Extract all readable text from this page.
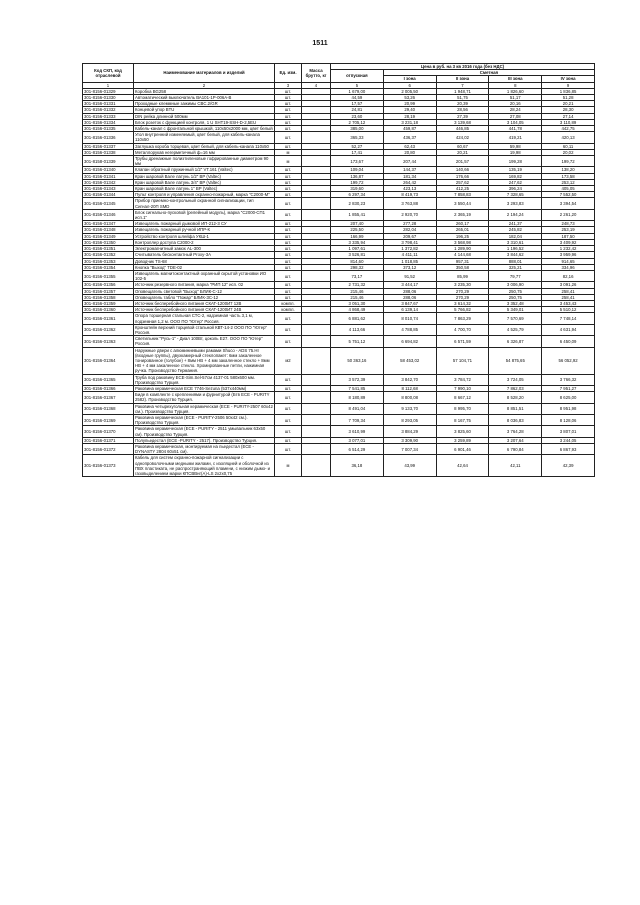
1511
Код СКП, код отраслевой	Наименование материалов и изделий	Ед. изм.	Масса брутто, кг	Цена в руб. на 3 кв 2016 года (без НДС)				
				отпускная	Сметная			
					I зона	II зона	III зона	IV зона
1	2	3	4	5	6	7	8	9
301-8156-01329	Коробка BG258	шт.		1 679,00	2 005,50	1 948,71	1 826,60	1 836,85
301-8156-01330	Автоматический выключатель ВА101-1Р-006А-В	шт.		44,59	53,26	51,75	51,17	51,28
301-8156-01331	Проходные клеммные зажимы CBC.2/GR	шт.		17,57	20,99	20,39	20,16	20,21
301-8156-01332	Концевой упор BTU	шт.		24,81	29,40	28,56	28,24	28,30
301-8156-01333	DIN рейка длинной 500мм	шт.		23,60	28,19	27,39	27,08	27,14
301-8156-01334	Блок розеток с функцией контроля, 1 U SHT19-SSH-D-2,5EU	шт.		2 705,12	3 231,18	3 139,68	3 104,05	3 110,89
301-8156-01335	Кабель-канал с фронтальной крышкой, 110х50х2000 мм, цвет белый	шт.		385,00	459,87	446,85	441,78	442,75
301-8156-01336	Угол внутренний изменяемый, цвет белый, для кабель-канала 110х50	шт.		365,33	436,37	424,02	419,21	420,13
301-8156-01337	Заглушка короба торцевая, цвет белый, для кабель-канала 110х50	шт.		52,27	62,43	60,67	59,98	60,11
301-8156-01338	Металлорукав негерметичный ф=16 мм	м		17,41	20,80	20,21	19,98	20,02
301-8158-01339	Трубы дренажные полиэтиленовые гофрированные диаметром 90 мм	м		173,67	207,44	201,57	199,28	199,72
301-8156-01340	Клапан обратный пружинный 1/2" VT.161 (Valtec)	шт.		109,04	144,37	140,66	135,19	138,20
301-8156-01341	Кран шаровой Вале латунь 1/2" ВР (Valtec)	шт.		136,87	181,34	176,66	169,82	173,58
301-8156-01342	Кран шаровой Вале латунь 3/4" ВР (Valtec)	шт.		199,72	264,42	257,62	247,62	253,12
301-8156-01343	Кран шаровой Вале латунь 1" ВР (Valtec)	шт.		319,60	423,13	412,25	396,24	405,05
301-8156-01344	Пульт контроля и управления охранно-пожарный, марка "С2000-М"	шт.		6 297,34	8 419,73	7 858,83	7 328,65	7 552,50
301-8156-01345	Прибор приемно-контрольный охранной сигнализации, тип Сигнал-20П SMD	шт.		2 830,23	3 763,88	3 550,44	3 293,83	3 394,54
301-8156-01346	Блок сигнально-пусковой (релейный модуль), марка "С2000-СП1 исп.1"	шт.		1 855,41	2 920,70	2 365,19	2 194,24	2 261,20
301-8156-01347	Извещатель пожарный дымовой ИП-212-3 СУ	шт.		207,40	277,28	260,17	241,37	248,73
301-8156-01348	Извещатель пожарный ручной ИПР-К	шт.		225,50	282,04	265,01	245,82	253,19
301-8156-01349	Устройство контроля шлейфа УКШ-1	шт.		166,99	209,67	196,25	182,04	187,50
301-8156-01350	Контроллер доступа С2000-2	шт.		3 335,94	3 798,41	3 568,98	3 310,61	3 409,92
301-8156-01351	Электромагнитный замок AL-300	шт.		1 097,61	1 372,82	1 289,90	1 196,52	1 232,42
301-8156-01352	Считыватель бесконтактный Proxy-3A	шт.		3 526,81	4 411,11	4 144,68	3 844,62	3 959,96
301-8156-01353	Доводчик TS-68	шт.		814,60	1 018,85	957,31	888,01	914,65
301-8156-01354	Кнопка "Выход" TDE-02	шт.		298,32	373,12	350,58	325,21	334,96
301-8156-01355	Извещатель магнитоконтактный охранный скрытой установки ИО 102-5	шт.		73,17	91,52	85,99	79,77	82,16
301-8156-01356	Источник резервного питания, марка "РИП 12" исп. 02	шт.		2 731,32	3 444,17	3 235,30	3 006,90	3 091,26
301-8156-01357	Оповещатель световой "Выход" БЛИК-С-12	шт.		215,46	288,06	270,29	250,75	258,41
301-8156-01358	Оповещатель табло "Пожар" БЛИК-ЗС-12	шт.		215,46	288,06	270,29	250,75	258,41
301-8156-01359	Источник бесперебойного питания СКАТ-1200И7 12В	компл.		3 051,30	3 847,67	3 614,32	3 352,48	3 453,43
301-8156-01360	Источник бесперебойного питания СКАТ-1200И7 24В	компл.		4 868,49	6 139,14	5 766,82	5 349,01	5 510,12
301-8156-01361	Опора торшерная стальная СТС-2, надземная часть 3,1 м, подземная 1,2 м. ООО ПО "Ютер" Россия.	шт.		6 881,62	8 010,74	7 863,29	7 570,69	7 748,14
301-8156-01362	Кронштейн верхний торцевой стальной КВТ-14-2 ООО ПО "Ютер" Россия.	шт.		4 113,66	4 788,85	4 700,70	4 525,79	4 631,94
301-8156-01363	Светильник "Русь-1" - Диал 100Вт, цоколь E27. ООО ПО "Ютер" Россия.	шт.		5 751,12	6 694,82	6 571,59	6 326,87	6 450,09
301-8156-01364	Наружные двери с алюминиевыми рамами Shuco - ADS 75.HI (входные группы), двухкамерный стеклопакет: 6мм закаленное тонированное (голубое) + 8мм НВ + 4 мм закаленное стекло + 8мм НВ + 4 мм закаленное стекло. Хромированные петли, нажимная ручка. Производство Германия.	м2		50 363,16	58 453,02	57 104,71	54 875,65	56 052,92
301-8156-01365	Труба под раковину ECE-Sim.Sel-57см 4137-01 580х600 мм. Производство Турция.	шт.		3 572,39	3 842,70	3 784,72	3 724,05	3 766,32
301-8156-01366	Раковина керамическая ECE 7746-Sezuna (537х440мм)	шт.		7 541,85	8 112,68	7 990,10	7 862,03	7 951,27
301-8156-01367	Биде в комплекте с креплениями и фурнитурой (Бтв ECE - PURITY 2582). Производство Турция.	шт.		8 180,89	8 800,08	8 667,12	8 528,20	8 625,00
301-8156-01368	Раковина четырехугольная керамическая (ECE - PURITY-2507 60х42 см.). Производство Турция.	шт.		8 491,04	9 133,70	8 995,70	8 851,51	8 951,98
301-8156-01369	Раковина керамическая (ECE - PURITY-2506 50х42 см.). Производство Турция.	шт.		7 709,34	8 293,05	8 167,75	8 036,83	8 128,06
301-8156-01370	Раковина керамическая (ECE - PURITY - 2511 умывальник 63х50 см). Производство Турция.	шт.		3 610,99	3 884,29	3 825,60	3 764,28	3 807,01
301-8156-01371	Полупьедестал (ECE -PURITY - 2517). Производство Турция.	шт.		3 077,01	3 309,90	3 259,89	3 207,64	3 244,05
301-8156-01372	Раковина керамическая, монтируемая на пьедестал (ECE - DYNASTY 2804 60х51 см).	шт.		6 514,29	7 007,34	6 901,46	6 790,84	6 867,93
301-8156-01373	Кабель для систем охранно-пожарной сигнализации с однопроволочными медными жилами, с изоляцией и оболочкой из ПВХ пластиката, не распространяющий пламени, с низким дымо- и газовыделением марки КПСВВнг(А)-LS 2х2х0,75	м		36,18	43,99	42,64	42,11	42,39
